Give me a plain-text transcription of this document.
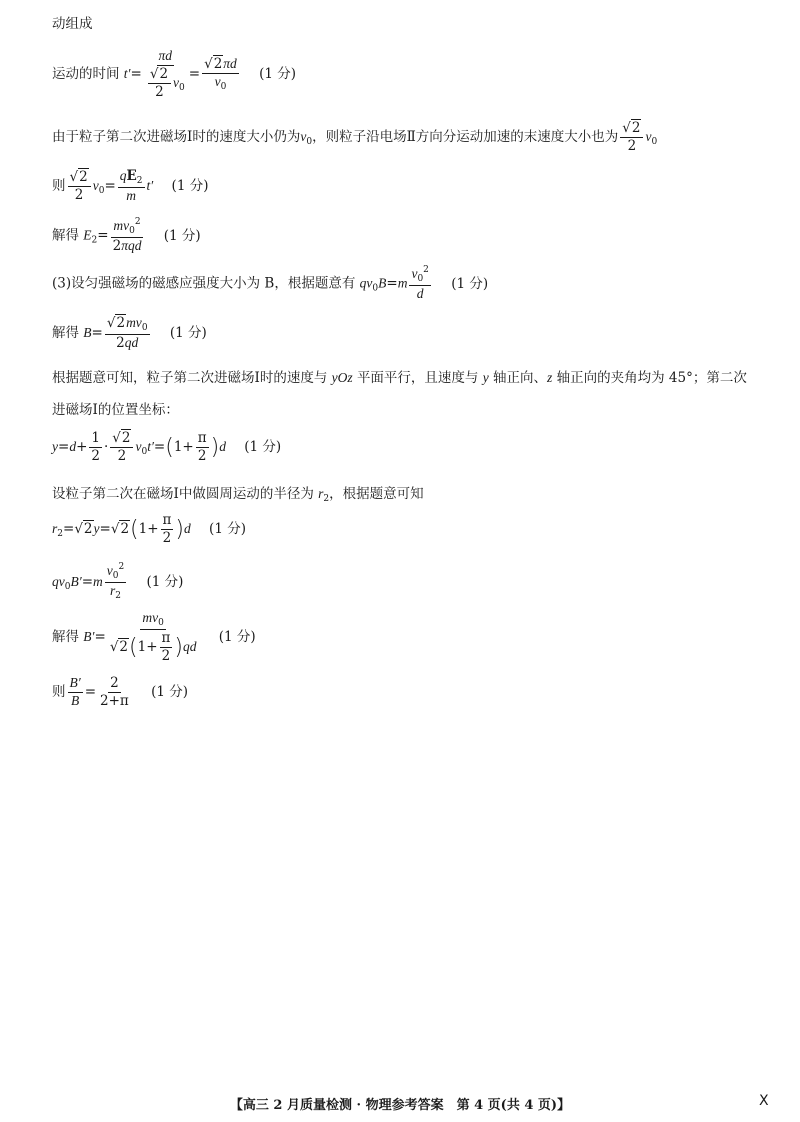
动组成
运动的时间 $t'= \frac{\pi d}{\frac{√2}{2} v_0} = \frac{√2\pi d}{v_0} (1$ 分)
由于粒子第二次进磁场Ⅰ时的速度大小仍为$v_0$，则粒子沿电场Ⅱ方向分运动加速的末速度大小也为 $\frac{√2}{2} v_0$
则 $\frac{√2}{2} v_0= \frac{qE_2}{m} t'$ (1 分)
解得 $E_2= \frac{mv_0^2}{\text{2πqd}} (1$ 分)
(3)设匀强磁场的磁感应强度大小为 B，根据题意有 $qv_0B=m \frac{v_0^2}{d} (1$ 分)
解得 $B= \frac{√2mv_0}{2qd} (1$ 分)
根据题意可知，粒子第二次进磁场Ⅰ时的速度与 yOz 平面平行，且速度与 y 轴正向、z 轴正向的夹角均为 45°；第二次
进磁场Ⅰ的位置坐标：
$y=d+ \frac{1}{2} \cdot \frac{√2}{2} v_0t'=(1+ \frac{\pi}{2} )d$ (1 分)
设粒子第二次在磁场Ⅰ中做圆周运动的半径为 $r_2$，根据题意可知
$r_2=√2y=√2(1+ \frac{\pi}{2} )d$ (1 分)
$qv_0B'=m \frac{v_0^2}{r_2} (1$ 分)
解得 $B'= \frac{mv_0}{√2(1+ \frac{\pi}{2} )qd} (1$ 分)
则 $\frac{B'}{B} = \frac{2}{2+\pi} (1$ 分)
【高三 2 月质量检测 · 物理参考答案　第 4 页(共 4 页)】	X
